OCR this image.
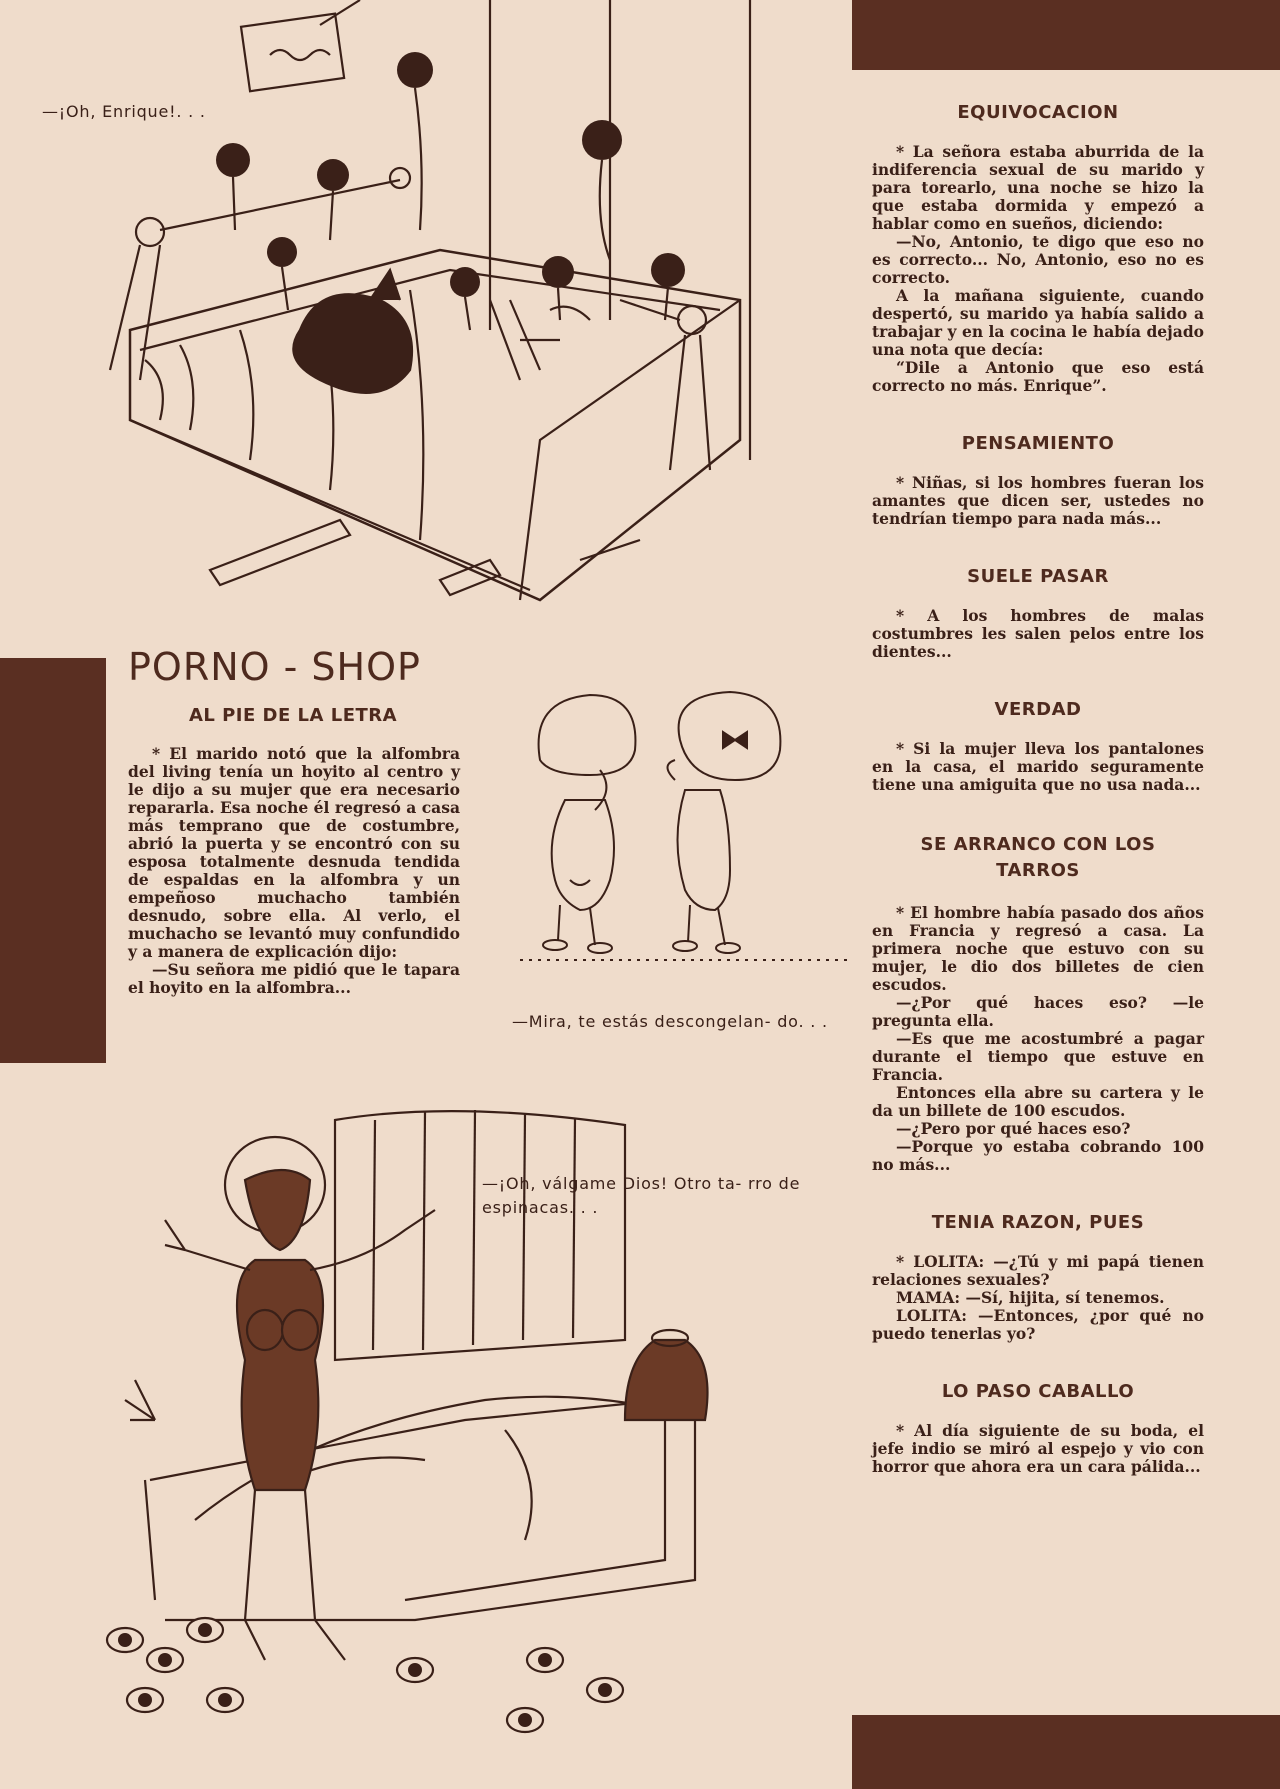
—¡Oh, Enrique!. . .
PORNO - SHOP
AL PIE DE LA LETRA

* El marido notó que la alfombra del living tenía un hoyito al centro y le dijo a su mujer que era necesario repararla. Esa noche él regresó a casa más temprano que de costumbre, abrió la puerta y se encontró con su esposa totalmente desnuda tendida de espaldas en la alfombra y un empeñoso muchacho también desnudo, sobre ella. Al verlo, el muchacho se levantó muy confundido y a manera de explicación dijo:

—Su señora me pidió que le tapara el hoyito en la alfombra...

—Mira, te estás descongelan- do. . .
—¡Oh, válgame Dios! Otro ta- rro de espinacas. . .
EQUIVOCACION

* La señora estaba aburrida de la indiferencia sexual de su marido y para torearlo, una noche se hizo la que estaba dormida y empezó a hablar como en sueños, diciendo:

—No, Antonio, te digo que eso no es correcto... No, Antonio, eso no es correcto.

A la mañana siguiente, cuando despertó, su marido ya había salido a trabajar y en la cocina le había dejado una nota que decía:

“Dile a Antonio que eso está correcto no más. Enrique”.

PENSAMIENTO

* Niñas, si los hombres fueran los amantes que dicen ser, ustedes no tendrían tiempo para nada más...

SUELE PASAR

* A los hombres de malas costumbres les salen pelos entre los dientes...

VERDAD

* Si la mujer lleva los pantalones en la casa, el marido seguramente tiene una amiguita que no usa nada...

SE ARRANCO CON LOS TARROS

* El hombre había pasado dos años en Francia y regresó a casa. La primera noche que estuvo con su mujer, le dio dos billetes de cien escudos.

—¿Por qué haces eso? —le pregunta ella.

—Es que me acostumbré a pagar durante el tiempo que estuve en Francia.

Entonces ella abre su cartera y le da un billete de 100 escudos.

—¿Pero por qué haces eso?

—Porque yo estaba cobrando 100 no más...

TENIA RAZON, PUES

* LOLITA: —¿Tú y mi papá tienen relaciones sexuales?

MAMA: —Sí, hijita, sí tenemos.

LOLITA: —Entonces, ¿por qué no puedo tenerlas yo?

LO PASO CABALLO

* Al día siguiente de su boda, el jefe indio se miró al espejo y vio con horror que ahora era un cara pálida...
